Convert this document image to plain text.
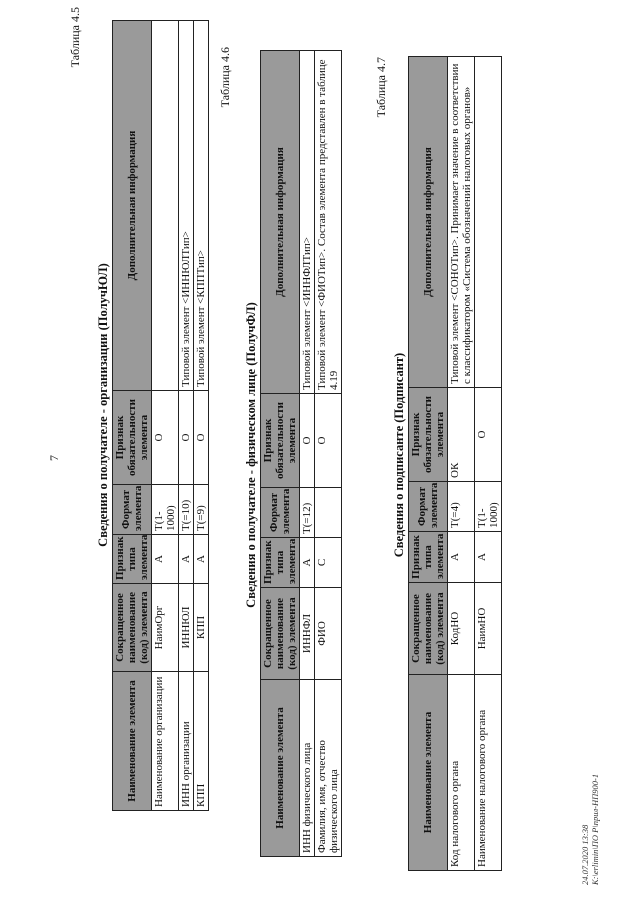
7
Таблица 4.5
Сведения о получателе - организации (ПолучЮЛ)
Наименование элемента	Сокращенное наименование (код) элемента	Признак типа элемента	Формат элемента	Признак обязательности элемента	Дополнительная информация
Наименование организации	НаимОрг	А	T(1-1000)	О	
ИНН организации	ИННЮЛ	А	T(=10)	О	Типовой элемент <ИННЮЛТип>
КПП	КПП	А	T(=9)	О	Типовой элемент <КППТип>
Таблица 4.6
Сведения о получателе - физическом лице (ПолучФЛ)
Наименование элемента	Сокращенное наименование (код) элемента	Признак типа элемента	Формат элемента	Признак обязательности элемента	Дополнительная информация
ИНН физического лица	ИННФЛ	А	T(=12)	О	Типовой элемент <ИННФЛТип>
Фамилия, имя, отчество физического лица	ФИО	С		О	Типовой элемент <ФИОТип>. Состав элемента представлен в таблице 4.19
Таблица 4.7
Сведения о подписанте (Подписант)
Наименование элемента	Сокращенное наименование (код) элемента	Признак типа элемента	Формат элемента	Признак обязательности элемента	Дополнительная информация
Код налогового органа	КодНО	А	T(=4)	ОК	Типовой элемент <СОНОТип>. Принимает значение в соответствии с классификатором «Система обозначений налоговых органов»
Наименование налогового органа	НаимНО	А	T(1-1000)	О	
24.07.2020 13:38 К:\erlimin\ПО Р\прил-НП900-1
